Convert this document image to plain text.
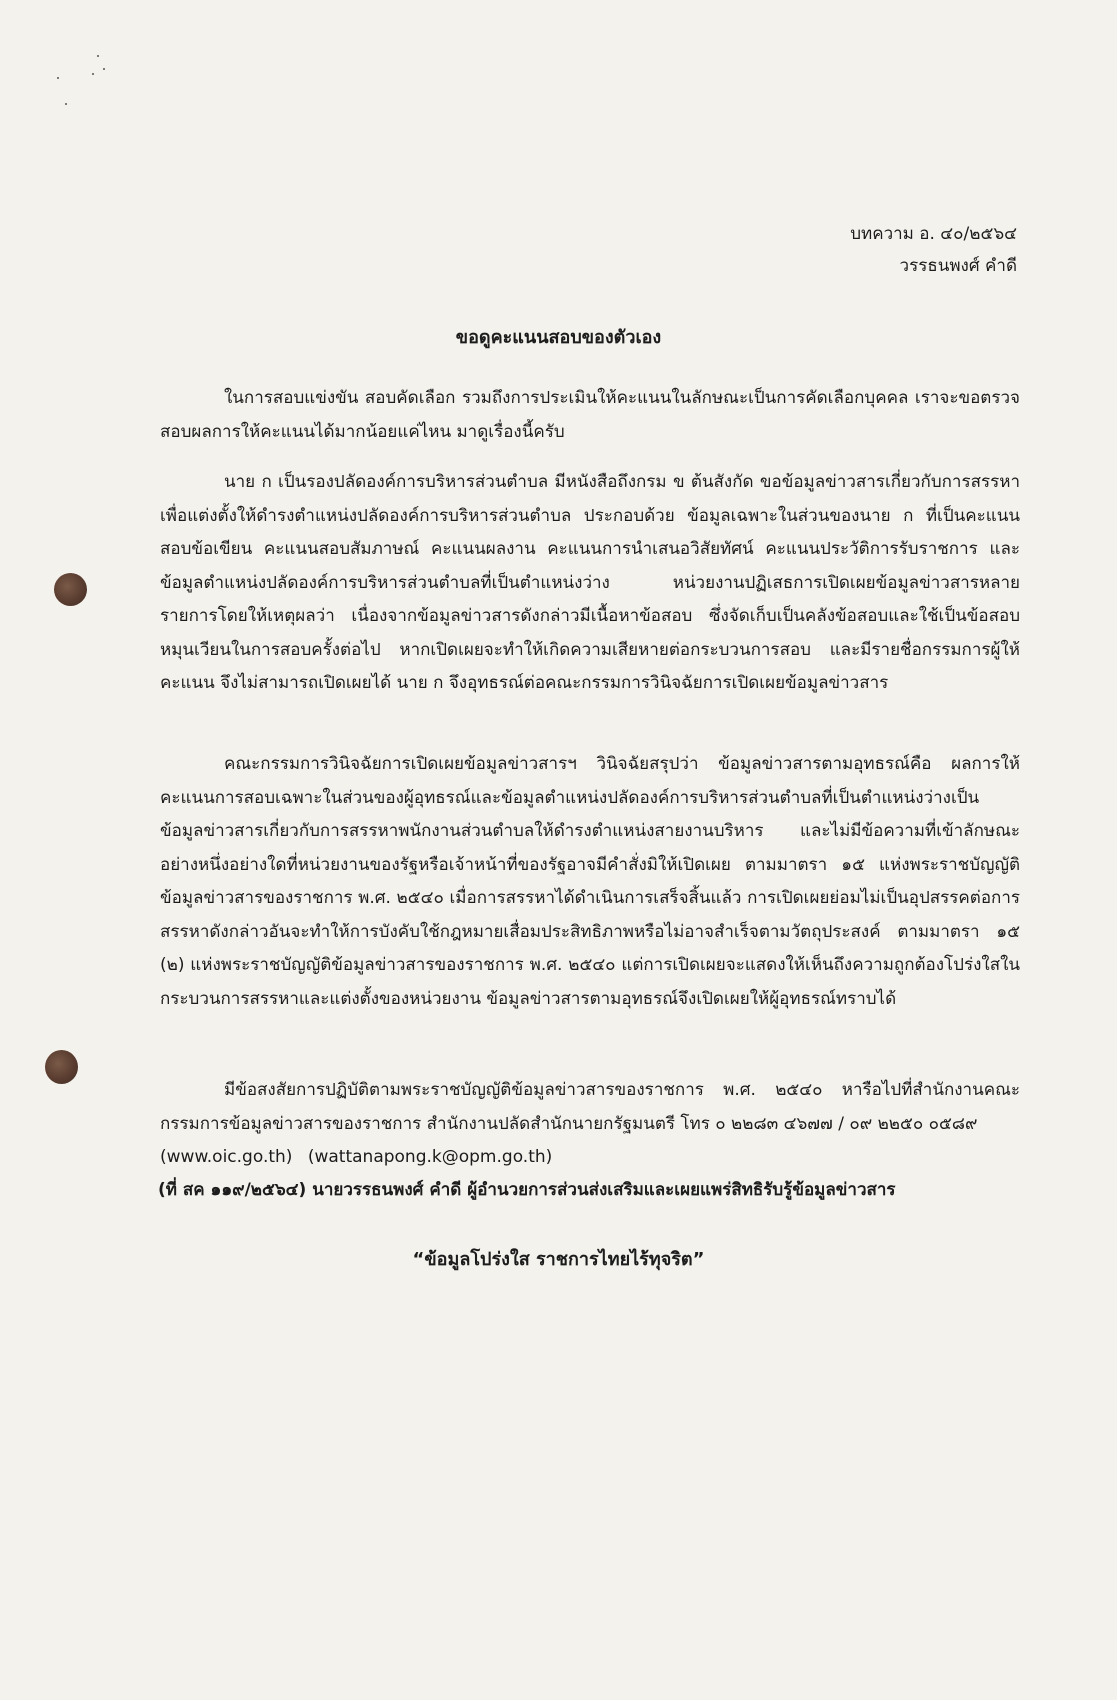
บทความ อ. ๔๐/๒๕๖๔
วรรธนพงศ์ คำดี
ขอดูคะแนนสอบของตัวเอง

ในการสอบแข่งขัน สอบคัดเลือก รวมถึงการประเมินให้คะแนนในลักษณะเป็นการคัดเลือกบุคคล เราจะขอตรวจสอบผลการให้คะแนนได้มากน้อยแค่ไหน มาดูเรื่องนี้ครับ

นาย ก เป็นรองปลัดองค์การบริหารส่วนตำบล มีหนังสือถึงกรม ข ต้นสังกัด ขอข้อมูลข่าวสารเกี่ยวกับการสรรหาเพื่อแต่งตั้งให้ดำรงตำแหน่งปลัดองค์การบริหารส่วนตำบล ประกอบด้วย ข้อมูลเฉพาะในส่วนของนาย ก ที่เป็นคะแนนสอบข้อเขียน คะแนนสอบสัมภาษณ์ คะแนนผลงาน คะแนนการนำเสนอวิสัยทัศน์ คะแนนประวัติการรับราชการ และข้อมูลตำแหน่งปลัดองค์การบริหารส่วนตำบลที่เป็นตำแหน่งว่าง หน่วยงานปฏิเสธการเปิดเผยข้อมูลข่าวสารหลายรายการโดยให้เหตุผลว่า เนื่องจากข้อมูลข่าวสารดังกล่าวมีเนื้อหาข้อสอบ ซึ่งจัดเก็บเป็นคลังข้อสอบและใช้เป็นข้อสอบหมุนเวียนในการสอบครั้งต่อไป หากเปิดเผยจะทำให้เกิดความเสียหายต่อกระบวนการสอบ และมีรายชื่อกรรมการผู้ให้คะแนน จึงไม่สามารถเปิดเผยได้ นาย ก จึงอุทธรณ์ต่อคณะกรรมการวินิจฉัยการเปิดเผยข้อมูลข่าวสาร

คณะกรรมการวินิจฉัยการเปิดเผยข้อมูลข่าวสารฯ วินิจฉัยสรุปว่า ข้อมูลข่าวสารตามอุทธรณ์คือ ผลการให้คะแนนการสอบเฉพาะในส่วนของผู้อุทธรณ์และข้อมูลตำแหน่งปลัดองค์การบริหารส่วนตำบลที่เป็นตำแหน่งว่างเป็นข้อมูลข่าวสารเกี่ยวกับการสรรหาพนักงานส่วนตำบลให้ดำรงตำแหน่งสายงานบริหาร และไม่มีข้อความที่เข้าลักษณะอย่างหนึ่งอย่างใดที่หน่วยงานของรัฐหรือเจ้าหน้าที่ของรัฐอาจมีคำสั่งมิให้เปิดเผย ตามมาตรา ๑๕ แห่งพระราชบัญญัติข้อมูลข่าวสารของราชการ พ.ศ. ๒๕๔๐ เมื่อการสรรหาได้ดำเนินการเสร็จสิ้นแล้ว การเปิดเผยย่อมไม่เป็นอุปสรรคต่อการสรรหาดังกล่าวอันจะทำให้การบังคับใช้กฎหมายเสื่อมประสิทธิภาพหรือไม่อาจสำเร็จตามวัตถุประสงค์ ตามมาตรา ๑๕ (๒) แห่งพระราชบัญญัติข้อมูลข่าวสารของราชการ พ.ศ. ๒๕๔๐ แต่การเปิดเผยจะแสดงให้เห็นถึงความถูกต้องโปร่งใสในกระบวนการสรรหาและแต่งตั้งของหน่วยงาน ข้อมูลข่าวสารตามอุทธรณ์จึงเปิดเผยให้ผู้อุทธรณ์ทราบได้

มีข้อสงสัยการปฏิบัติตามพระราชบัญญัติข้อมูลข่าวสารของราชการ พ.ศ. ๒๕๔๐ หารือไปที่สำนักงานคณะกรรมการข้อมูลข่าวสารของราชการ สำนักงานปลัดสำนักนายกรัฐมนตรี โทร ๐ ๒๒๘๓ ๔๖๗๗ / ๐๙ ๒๒๕๐ ๐๕๘๙

(www.oic.go.th) (wattanapong.k@opm.go.th)
(ที่ สค ๑๑๙/๒๕๖๔) นายวรรธนพงศ์ คำดี ผู้อำนวยการส่วนส่งเสริมและเผยแพร่สิทธิรับรู้ข้อมูลข่าวสาร
“ข้อมูลโปร่งใส ราชการไทยไร้ทุจริต”
